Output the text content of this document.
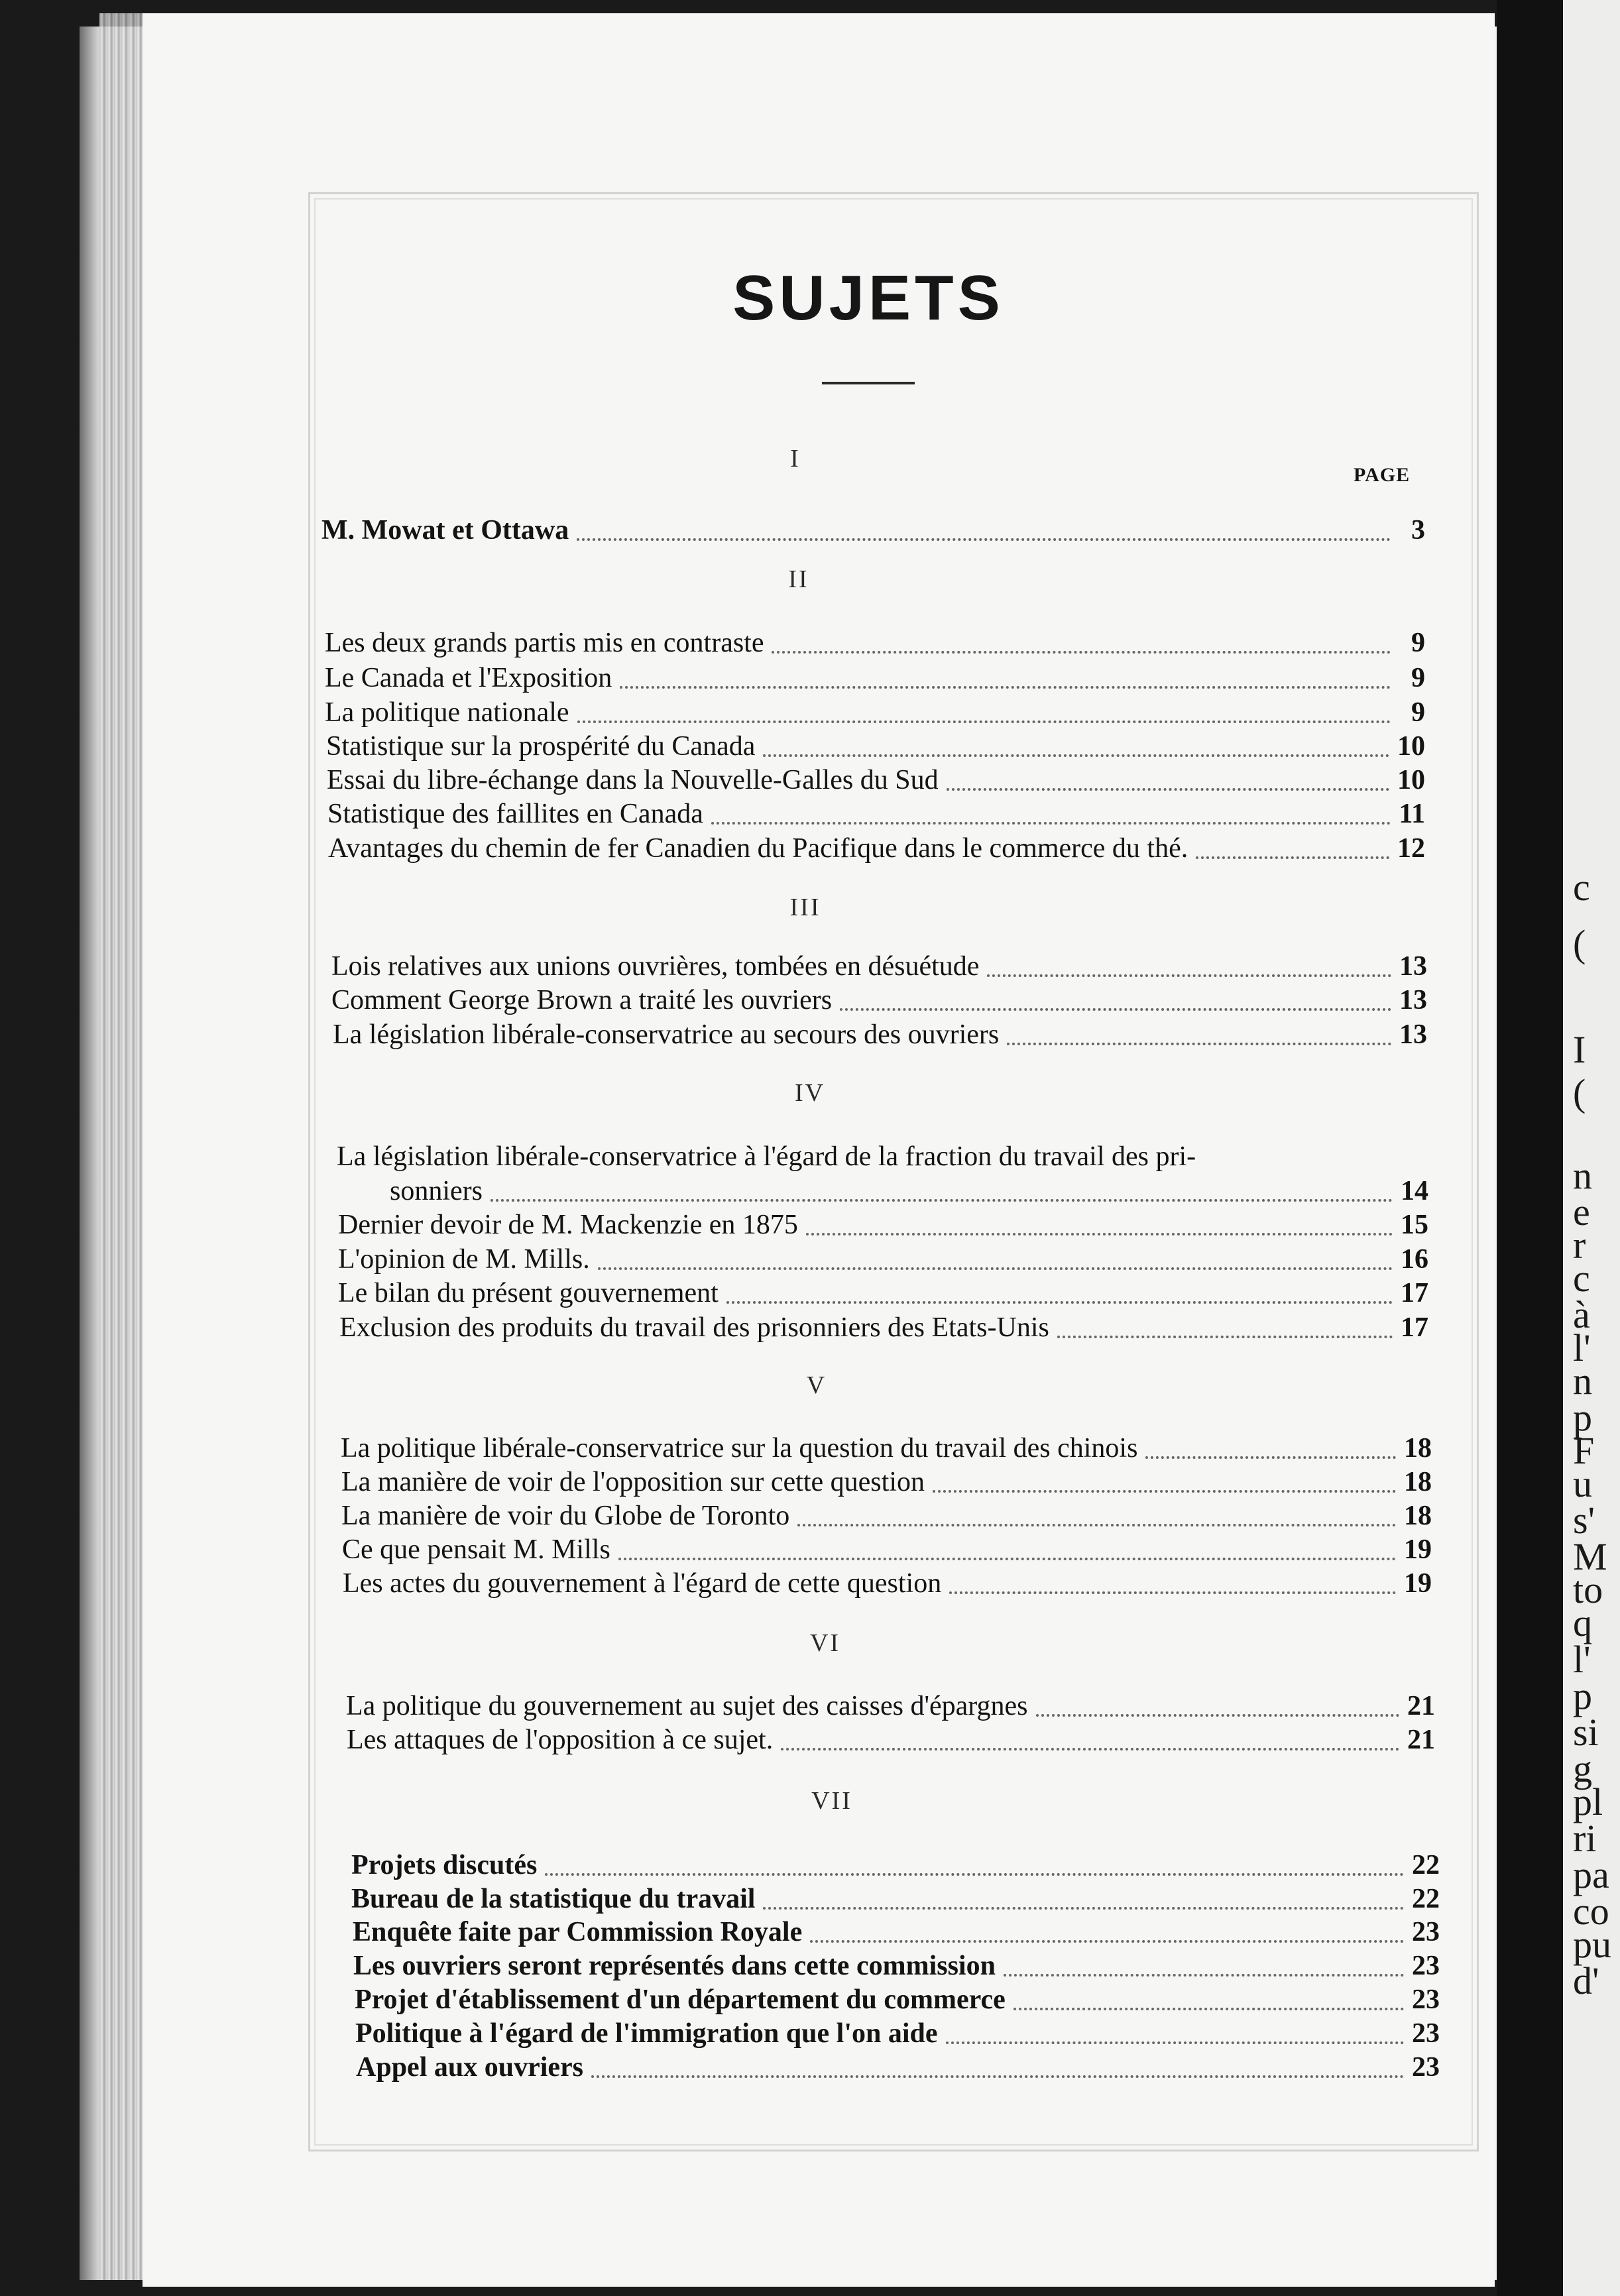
c
(
I
(
n
e
r
c
à
l'
n
p
F
u
s'
M
to
q
l'
p
si
g
pl
ri
pa
co
pu
d'
SUJETS
PAGE
I
M. Mowat et Ottawa	3
II
Les deux grands partis mis en contraste	9
Le Canada et l'Exposition	9
La politique nationale	9
Statistique sur la prospérité du Canada	10
Essai du libre-échange dans la Nouvelle-Galles du Sud	10
Statistique des faillites en Canada	11
Avantages du chemin de fer Canadien du Pacifique dans le commerce du thé.	12
III
Lois relatives aux unions ouvrières, tombées en désuétude	13
Comment George Brown a traité les ouvriers	13
La législation libérale-conservatrice au secours des ouvriers	13
IV
La législation libérale-conservatrice à l'égard de la fraction du travail des pri-
sonniers	14
Dernier devoir de M. Mackenzie en 1875	15
L'opinion de M. Mills.	16
Le bilan du présent gouvernement	17
Exclusion des produits du travail des prisonniers des Etats-Unis	17
V
La politique libérale-conservatrice sur la question du travail des chinois	18
La manière de voir de l'opposition sur cette question	18
La manière de voir du Globe de Toronto	18
Ce que pensait M. Mills	19
Les actes du gouvernement à l'égard de cette question	19
VI
La politique du gouvernement au sujet des caisses d'épargnes	21
Les attaques de l'opposition à ce sujet.	21
VII
Projets discutés	22
Bureau de la statistique du travail	22
Enquête faite par Commission Royale	23
Les ouvriers seront représentés dans cette commission	23
Projet d'établissement d'un département du commerce	23
Politique à l'égard de l'immigration que l'on aide	23
Appel aux ouvriers	23
